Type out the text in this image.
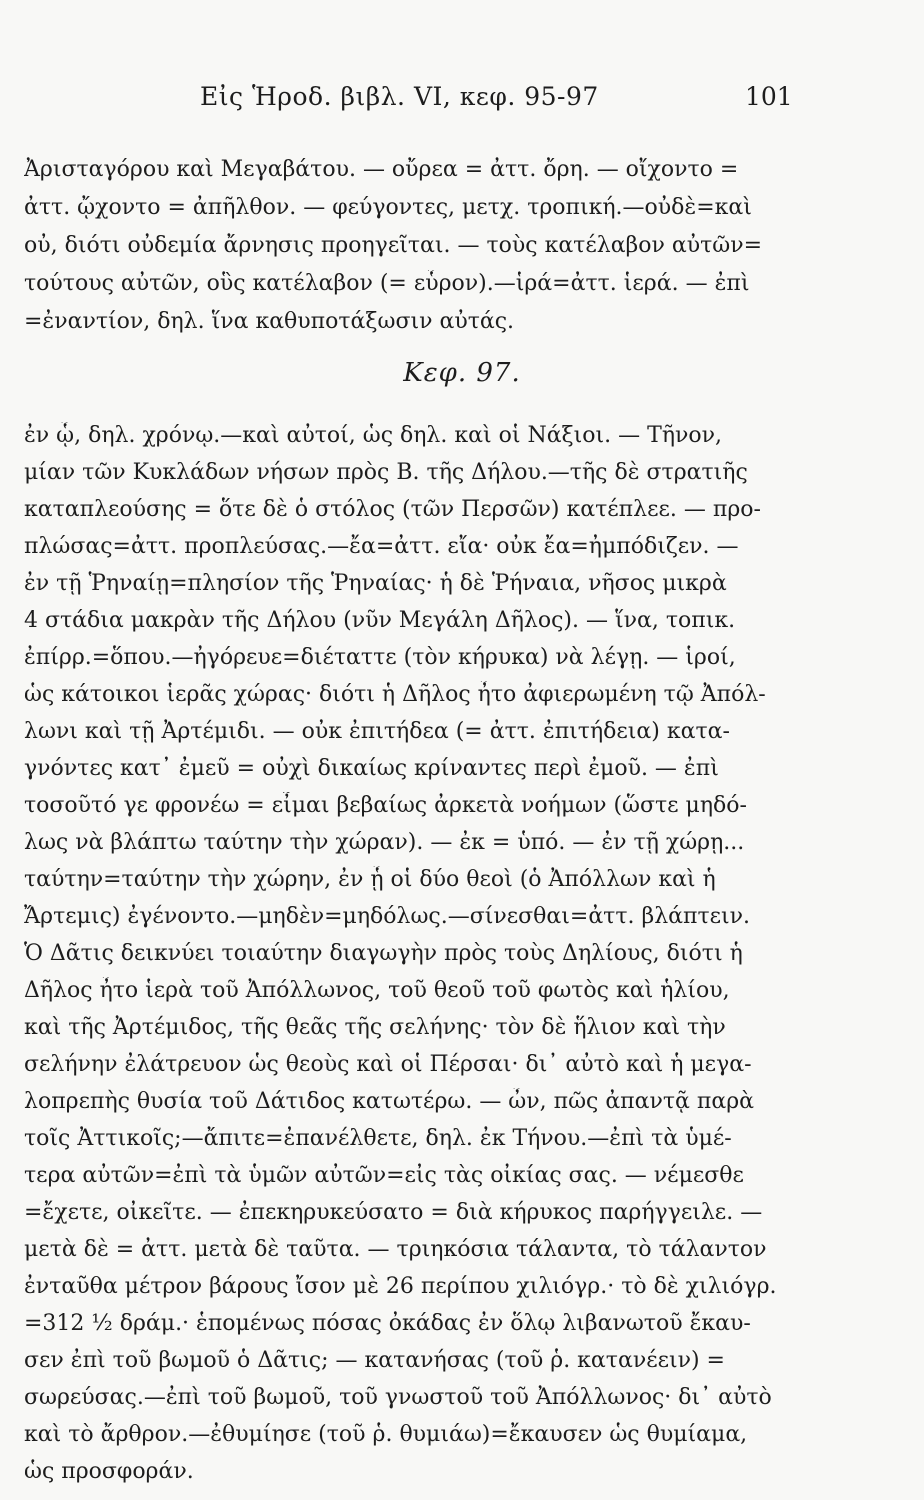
Εἰς Ἡροδ. βιβλ. VI, κεφ. 95-97	101
Ἀρισταγόρου καὶ Μεγαβάτου. — οὔρεα = ἀττ. ὄρη. — οἴχοντο =
ἀττ. ᾤχοντο = ἀπῆλθον. — φεύγοντες, μετχ. τροπική.—οὐδὲ=καὶ
οὐ, διότι οὐδεμία ἄρνησις προηγεῖται. — τοὺς κατέλαβον αὐτῶν=
τούτους αὐτῶν, οὓς κατέλαβον (= εὗρον).—ἱρά=ἀττ. ἱερά. — ἐπὶ
=ἐναντίον, δηλ. ἵνα καθυποτάξωσιν αὐτάς.
Κεφ. 97.
ἐν ᾧ, δηλ. χρόνῳ.—καὶ αὐτοί, ὡς δηλ. καὶ οἱ Νάξιοι. — Τῆνον,
μίαν τῶν Κυκλάδων νήσων πρὸς Β. τῆς Δήλου.—τῆς δὲ στρατιῆς
καταπλεούσης = ὅτε δὲ ὁ στόλος (τῶν Περσῶν) κατέπλεε. — προ-
πλώσας=ἀττ. προπλεύσας.—ἔα=ἀττ. εἴα· οὐκ ἔα=ἠμπόδιζεν. —
ἐν τῇ Ῥηναίῃ=πλησίον τῆς Ῥηναίας· ἡ δὲ Ῥήναια, νῆσος μικρὰ
4 στάδια μακρὰν τῆς Δήλου (νῦν Μεγάλη Δῆλος). — ἵνα, τοπικ.
ἐπίρρ.=ὅπου.—ἠγόρευε=διέταττε (τὸν κήρυκα) νὰ λέγῃ. — ἱροί,
ὡς κάτοικοι ἱερᾶς χώρας· διότι ἡ Δῆλος ἦτο ἀφιερωμένη τῷ Ἀπόλ-
λωνι καὶ τῇ Ἀρτέμιδι. — οὐκ ἐπιτήδεα (= ἀττ. ἐπιτήδεια) κατα-
γνόντες κατ᾽ ἐμεῦ = οὐχὶ δικαίως κρίναντες περὶ ἐμοῦ. — ἐπὶ
τοσοῦτό γε φρονέω = εἶμαι βεβαίως ἀρκετὰ νοήμων (ὥστε μηδό-
λως νὰ βλάπτω ταύτην τὴν χώραν). — ἐκ = ὑπό. — ἐν τῇ χώρῃ...
ταύτην=ταύτην τὴν χώρην, ἐν ᾗ οἱ δύο θεοὶ (ὁ Ἀπόλλων καὶ ἡ
Ἄρτεμις) ἐγένοντο.—μηδὲν=μηδόλως.—σίνεσθαι=ἀττ. βλάπτειν.
Ὁ Δᾶτις δεικνύει τοιαύτην διαγωγὴν πρὸς τοὺς Δηλίους, διότι ἡ
Δῆλος ἦτο ἱερὰ τοῦ Ἀπόλλωνος, τοῦ θεοῦ τοῦ φωτὸς καὶ ἡλίου,
καὶ τῆς Ἀρτέμιδος, τῆς θεᾶς τῆς σελήνης· τὸν δὲ ἥλιον καὶ τὴν
σελήνην ἐλάτρευον ὡς θεοὺς καὶ οἱ Πέρσαι· δι᾽ αὐτὸ καὶ ἡ μεγα-
λοπρεπὴς θυσία τοῦ Δάτιδος κατωτέρω. — ὦν, πῶς ἀπαντᾷ παρὰ
τοῖς Ἀττικοῖς;—ἄπιτε=ἐπανέλθετε, δηλ. ἐκ Τήνου.—ἐπὶ τὰ ὑμέ-
τερα αὐτῶν=ἐπὶ τὰ ὑμῶν αὐτῶν=εἰς τὰς οἰκίας σας. — νέμεσθε
=ἔχετε, οἰκεῖτε. — ἐπεκηρυκεύσατο = διὰ κήρυκος παρήγγειλε. —
μετὰ δὲ = ἀττ. μετὰ δὲ ταῦτα. — τριηκόσια τάλαντα, τὸ τάλαντον
ἐνταῦθα μέτρον βάρους ἴσον μὲ 26 περίπου χιλιόγρ.· τὸ δὲ χιλιόγρ.
=312 ½ δράμ.· ἑπομένως πόσας ὀκάδας ἐν ὅλῳ λιβανωτοῦ ἔκαυ-
σεν ἐπὶ τοῦ βωμοῦ ὁ Δᾶτις; — κατανήσας (τοῦ ῥ. κατανέειν) =
σωρεύσας.—ἐπὶ τοῦ βωμοῦ, τοῦ γνωστοῦ τοῦ Ἀπόλλωνος· δι᾽ αὐτὸ
καὶ τὸ ἄρθρον.—ἐθυμίησε (τοῦ ῥ. θυμιάω)=ἔκαυσεν ὡς θυμίαμα,
ὡς προσφοράν.
